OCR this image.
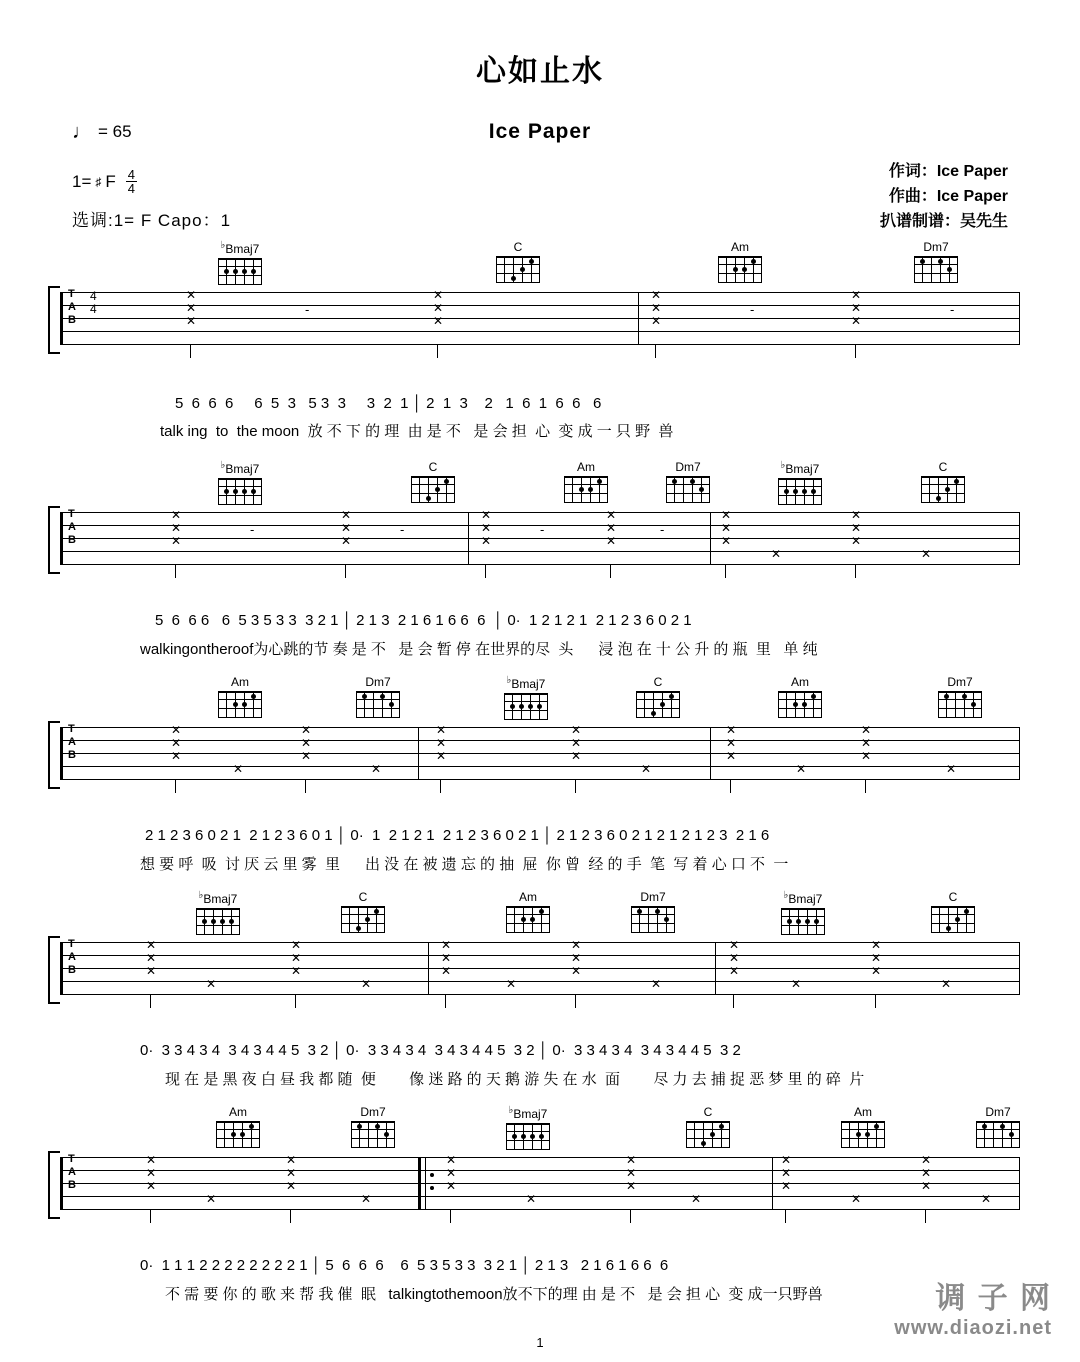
心如止水
Ice Paper
♩ = 65
1= ♯ F $\frac{4}{4}$
选调:1= F Capo：1
作词：Ice Paper
作曲：Ice Paper
扒谱制谱：吴先生
♭Bmaj7	C	Am	Dm7
T
A
B
4
4
✕
✕
✕
✕
✕
✕
✕
✕
✕
✕
✕
✕
-	-	-
5  6  6  6     6  5  3   5 3  3     3  2  1 │ 2  1  3    2   1  6  1  6  6   6
talk ing  to  the moon  放 不 下 的 理  由 是 不   是 会 担  心  变 成 一 只 野  兽
♭Bmaj7	C	Am	Dm7	♭Bmaj7	C
T
A
B
✕
✕
✕
✕
✕
✕
✕
✕
✕
✕
✕
✕
✕
✕
✕
✕
✕
✕
✕	✕
-	-	-	-
5  6  6 6   6  5 3 5 3 3  3 2 1 │ 2 1 3  2 1 6 1 6 6  6  │ 0·  1 2 1 2 1  2 1 2 3 6 0 2 1
walkingontheroof为心跳的节 奏 是 不   是 会 暂 停 在世界的尽  头      浸 泡 在 十 公 升 的 瓶  里   单 纯
Am	Dm7	♭Bmaj7	C	Am	Dm7
T
A
B
✕
✕
✕
✕
✕
✕
✕
✕
✕
✕
✕
✕
✕
✕
✕
✕
✕
✕
✕	✕	✕	✕	✕
2 1 2 3 6 0 2 1  2 1 2 3 6 0 1 │ 0·  1  2 1 2 1  2 1 2 3 6 0 2 1 │ 2 1 2 3 6 0 2 1 2 1 2 1 2 3  2 1 6
想 要 呼  吸  讨 厌 云 里 雾  里      出 没 在 被 遗 忘 的 抽  屉  你 曾  经 的 手  笔  写 着 心 口 不  一
♭Bmaj7	C	Am	Dm7	♭Bmaj7	C
T
A
B
✕
✕
✕
✕
✕
✕
✕
✕
✕
✕
✕
✕
✕
✕
✕
✕
✕
✕
✕	✕	✕	✕	✕	✕
0·  3 3 4 3 4  3 4 3 4 4 5  3 2 │ 0·  3 3 4 3 4  3 4 3 4 4 5  3 2 │ 0·  3 3 4 3 4  3 4 3 4 4 5  3 2
现 在 是 黑 夜 白 昼 我 都 随  便        像 迷 路 的 天 鹅 游 失 在 水  面        尽 力 去 捕 捉 恶 梦 里 的 碎  片
Am	Dm7	♭Bmaj7	C	Am	Dm7
T
A
B
✕
✕
✕
✕
✕
✕
✕
✕
✕
✕
✕
✕
✕
✕
✕
✕
✕
✕
✕	✕	✕	✕	✕	✕
0·  1 1 1 2 2 2 2 2 2 2 2 1 │ 5  6  6  6    6  5 3 5 3 3  3 2 1 │ 2 1 3   2 1 6 1 6 6  6
不 需 要 你 的 歌 来 帮 我 催  眠   talkingtothemoon放不下的理 由 是 不   是 会 担 心  变 成一只野兽
1
调 子 网
www.diaozi.net
